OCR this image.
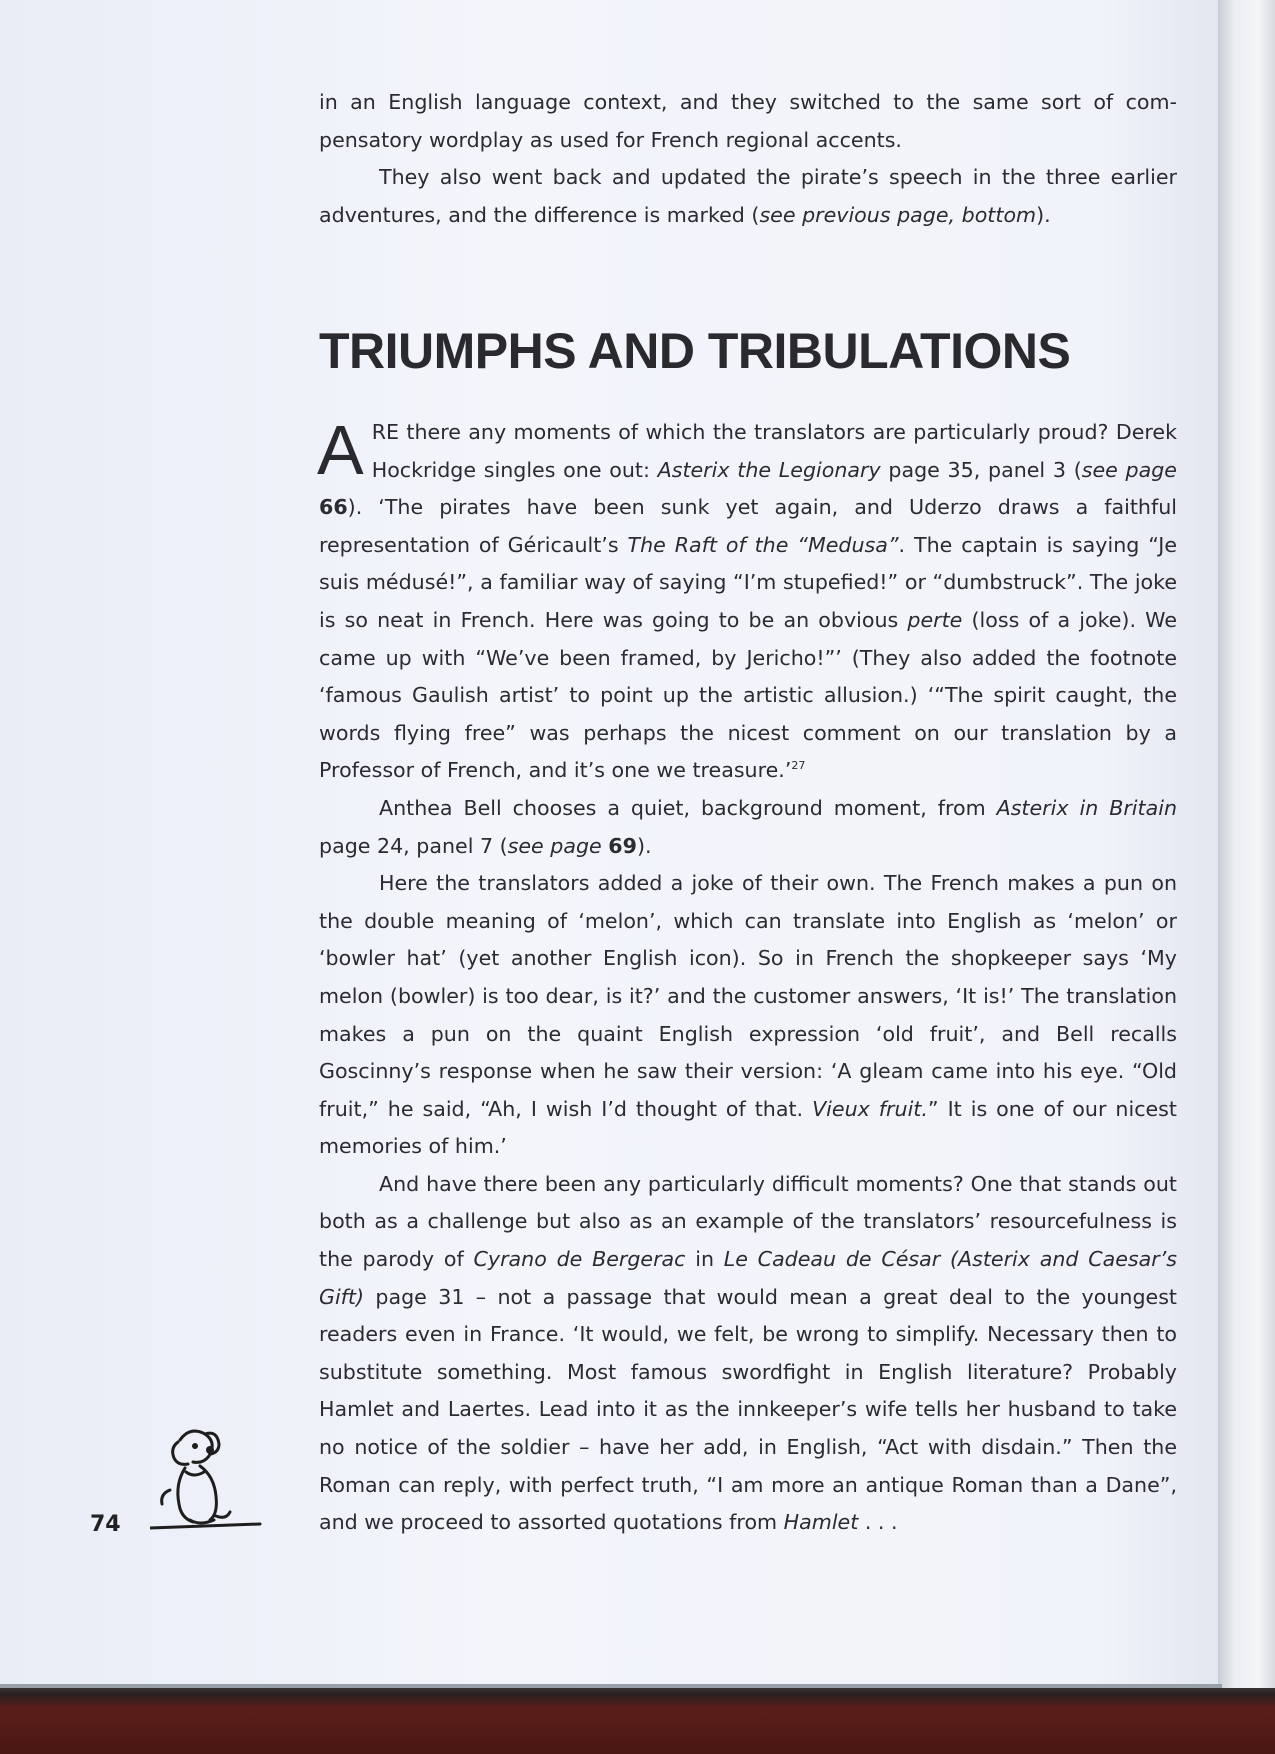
in an English language context, and they switched to the same sort of compensatory wordplay as used for French regional accents.

They also went back and updated the pirate’s speech in the three earlier adventures, and the difference is marked (see previous page, bottom).

TRIUMPHS AND TRIBULATIONS

ARE there any moments of which the translators are particularly proud? Derek Hockridge singles one out: Asterix the Legionary page 35, panel 3 (see page 66). ‘The pirates have been sunk yet again, and Uderzo draws a faithful representation of Géricault’s The Raft of the “Medusa”. The captain is saying “Je suis médusé!”, a familiar way of saying “I’m stupefied!” or “dumbstruck”. The joke is so neat in French. Here was going to be an obvious perte (loss of a joke). We came up with “We’ve been framed, by Jericho!”’ (They also added the footnote ‘famous Gaulish artist’ to point up the artistic allusion.) ‘“The spirit caught, the words flying free” was perhaps the nicest comment on our translation by a Professor of French, and it’s one we treasure.’$^{27}$

Anthea Bell chooses a quiet, background moment, from Asterix in Britain page 24, panel 7 (see page 69).

Here the translators added a joke of their own. The French makes a pun on the double meaning of ‘melon’, which can translate into English as ‘melon’ or ‘bowler hat’ (yet another English icon). So in French the shopkeeper says ‘My melon (bowler) is too dear, is it?’ and the customer answers, ‘It is!’ The translation makes a pun on the quaint English expression ‘old fruit’, and Bell recalls Goscinny’s response when he saw their version: ‘A gleam came into his eye. “Old fruit,” he said, “Ah, I wish I’d thought of that. Vieux fruit.” It is one of our nicest memories of him.’

And have there been any particularly difficult moments? One that stands out both as a challenge but also as an example of the translators’ resourcefulness is the parody of Cyrano de Bergerac in Le Cadeau de César (Asterix and Caesar’s Gift) page 31 – not a passage that would mean a great deal to the youngest readers even in France. ‘It would, we felt, be wrong to simplify. Necessary then to substitute something. Most famous swordfight in English literature? Probably Hamlet and Laertes. Lead into it as the innkeeper’s wife tells her husband to take no notice of the soldier – have her add, in English, “Act with disdain.” Then the Roman can reply, with perfect truth, “I am more an antique Roman than a Dane”, and we proceed to assorted quotations from Hamlet . . .

74
